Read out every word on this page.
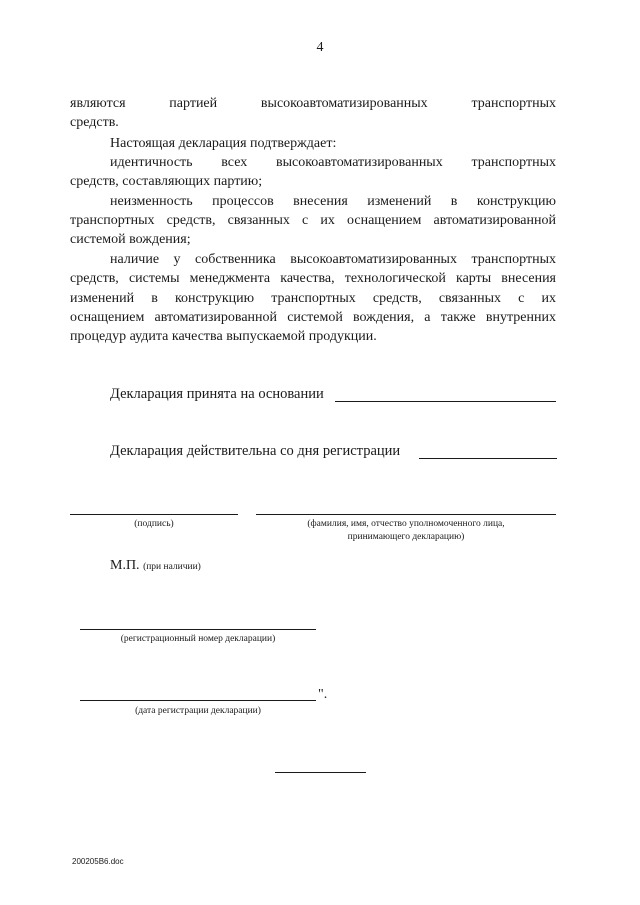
4
являются партией высокоавтоматизированных транспортных
средств.
Настоящая декларация подтверждает:
идентичность всех высокоавтоматизированных транспортных
средств, составляющих партию;
неизменность процессов внесения изменений в конструкцию
транспортных средств, связанных с их оснащением автоматизированной
системой вождения;
наличие у собственника высокоавтоматизированных транспортных
средств, системы менеджмента качества, технологической карты внесения
изменений в конструкцию транспортных средств, связанных с их
оснащением автоматизированной системой вождения, а также внутренних
процедур аудита качества выпускаемой продукции.
Декларация принята на основании
Декларация действительна со дня регистрации
(подпись)	(фамилия, имя, отчество уполномоченного лица,
принимающего декларацию)
М.П. (при наличии)
(регистрационный номер декларации)
".
(дата регистрации декларации)
200205B6.doc
